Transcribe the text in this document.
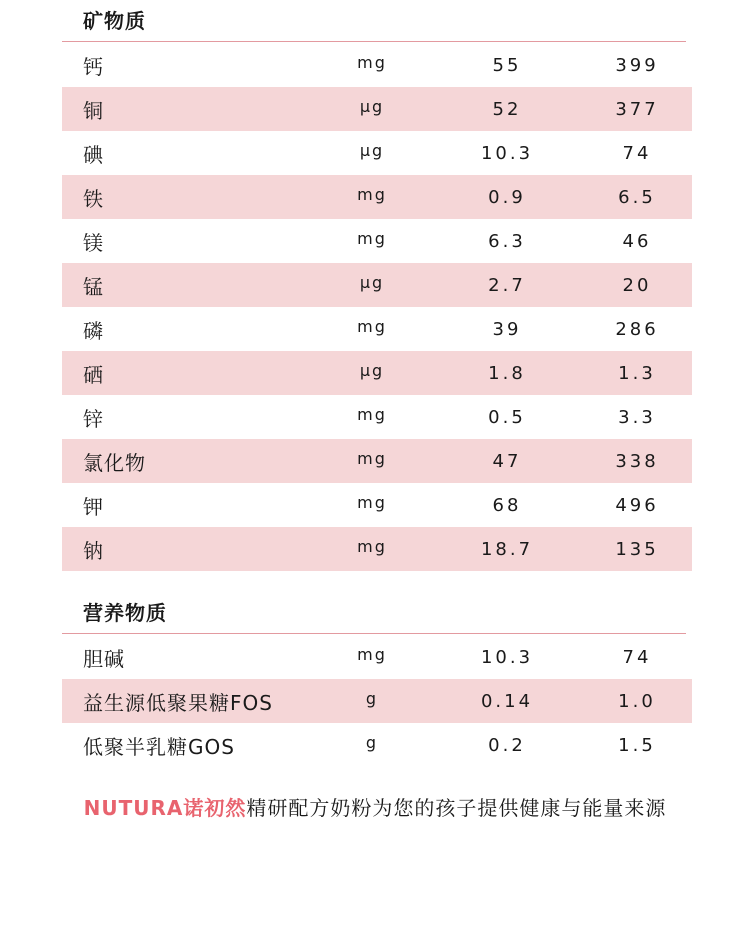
矿物质
钙	mg	55	399
铜	μg	52	377
碘	μg	10.3	74
铁	mg	0.9	6.5
镁	mg	6.3	46
锰	μg	2.7	20
磷	mg	39	286
硒	μg	1.8	1.3
锌	mg	0.5	3.3
氯化物	mg	47	338
钾	mg	68	496
钠	mg	18.7	135
营养物质
胆碱	mg	10.3	74
益生源低聚果糖FOS	g	0.14	1.0
低聚半乳糖GOS	g	0.2	1.5
NUTURA诺初然精研配方奶粉为您的孩子提供健康与能量来源
